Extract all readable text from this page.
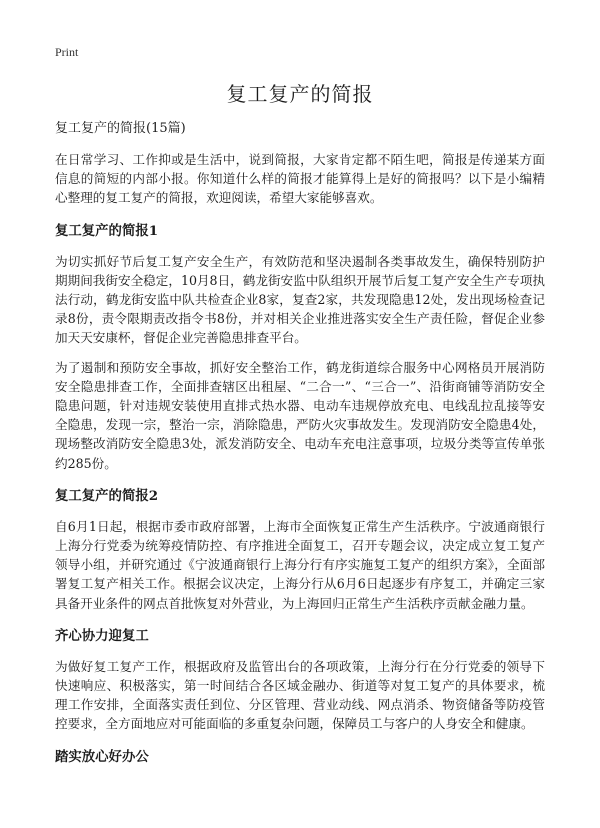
Print
复工复产的简报
复工复产的简报(15篇)

在日常学习、工作抑或是生活中，说到简报，大家肯定都不陌生吧，简报是传递某方面信息的简短的内部小报。你知道什么样的简报才能算得上是好的简报吗？以下是小编精心整理的复工复产的简报，欢迎阅读，希望大家能够喜欢。

复工复产的简报1

为切实抓好节后复工复产安全生产，有效防范和坚决遏制各类事故发生，确保特别防护期期间我街安全稳定，10月8日，鹤龙街安监中队组织开展节后复工复产安全生产专项执法行动，鹤龙街安监中队共检查企业8家，复查2家，共发现隐患12处，发出现场检查记录8份，责令限期责改指令书8份，并对相关企业推进落实安全生产责任险，督促企业参加天天安康杯，督促企业完善隐患排查平台。

为了遏制和预防安全事故，抓好安全整治工作，鹤龙街道综合服务中心网格员开展消防安全隐患排查工作，全面排查辖区出租屋、“二合一”、“三合一”、沿街商铺等消防安全隐患问题，针对违规安装使用直排式热水器、电动车违规停放充电、电线乱拉乱接等安全隐患，发现一宗，整治一宗，消除隐患，严防火灾事故发生。发现消防安全隐患4处，现场整改消防安全隐患3处，派发消防安全、电动车充电注意事项，垃圾分类等宣传单张约285份。

复工复产的简报2

自6月1日起，根据市委市政府部署，上海市全面恢复正常生产生活秩序。宁波通商银行上海分行党委为统筹疫情防控、有序推进全面复工，召开专题会议，决定成立复工复产领导小组，并研究通过《宁波通商银行上海分行有序实施复工复产的组织方案》，全面部署复工复产相关工作。根据会议决定，上海分行从6月6日起逐步有序复工，并确定三家具备开业条件的网点首批恢复对外营业，为上海回归正常生产生活秩序贡献金融力量。

齐心协力迎复工

为做好复工复产工作，根据政府及监管出台的各项政策，上海分行在分行党委的领导下快速响应、积极落实，第一时间结合各区域金融办、街道等对复工复产的具体要求，梳理工作安排，全面落实责任到位、分区管理、营业动线、网点消杀、物资储备等防疫管控要求，全方面地应对可能面临的多重复杂问题，保障员工与客户的人身安全和健康。

踏实放心好办公
